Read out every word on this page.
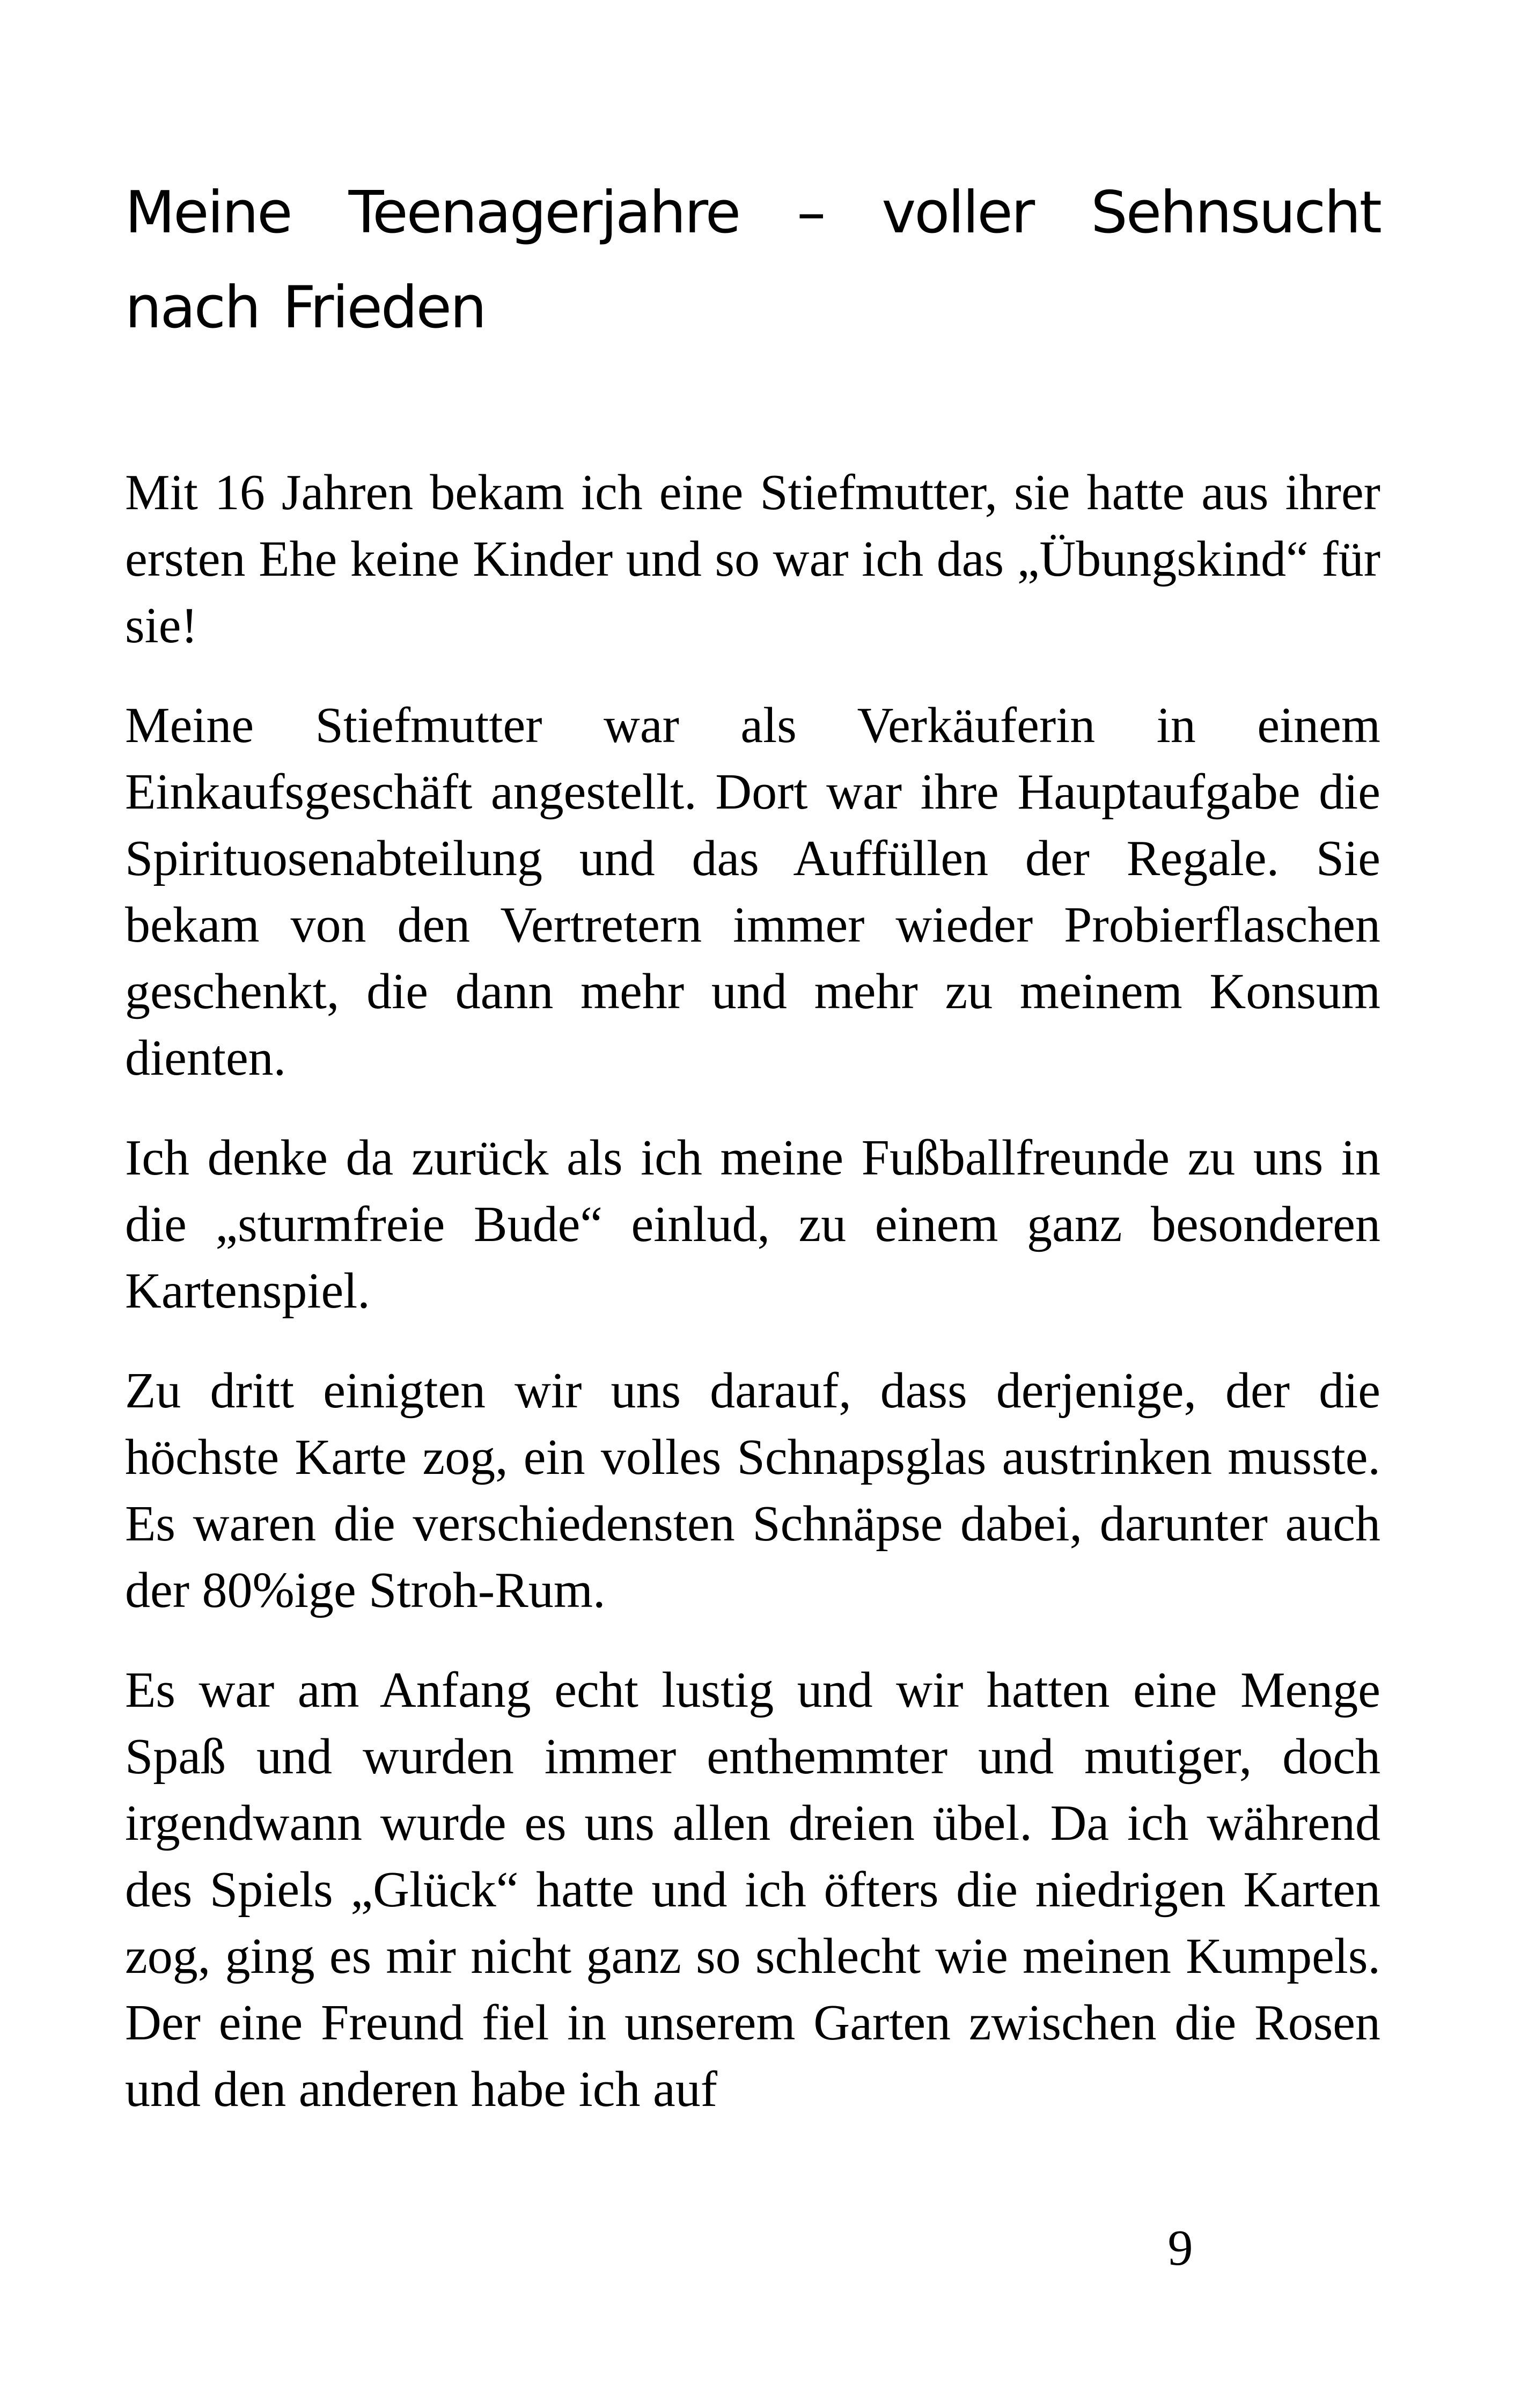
Meine Teenagerjahre – voller Sehnsucht
nach Frieden

Mit 16 Jahren bekam ich eine Stiefmutter, sie hatte aus ihrer ersten Ehe keine Kinder und so war ich das „Übungskind“ für sie!

Meine Stiefmutter war als Verkäuferin in einem Einkaufsgeschäft angestellt. Dort war ihre Hauptaufgabe die Spirituosenabteilung und das Auffüllen der Regale. Sie bekam von den Vertretern immer wieder Probierflaschen geschenkt, die dann mehr und mehr zu meinem Konsum dienten.

Ich denke da zurück als ich meine Fußballfreunde zu uns in die „sturmfreie Bude“ einlud, zu einem ganz besonderen Kartenspiel.

Zu dritt einigten wir uns darauf, dass derjenige, der die höchste Karte zog, ein volles Schnapsglas austrinken musste. Es waren die verschiedensten Schnäpse dabei, darunter auch der 80%ige Stroh-Rum.

Es war am Anfang echt lustig und wir hatten eine Menge Spaß und wurden immer enthemmter und mutiger, doch irgendwann wurde es uns allen dreien übel. Da ich während des Spiels „Glück“ hatte und ich öfters die niedrigen Karten zog, ging es mir nicht ganz so schlecht wie meinen Kumpels. Der eine Freund fiel in unserem Garten zwischen die Rosen und den anderen habe ich auf

9
